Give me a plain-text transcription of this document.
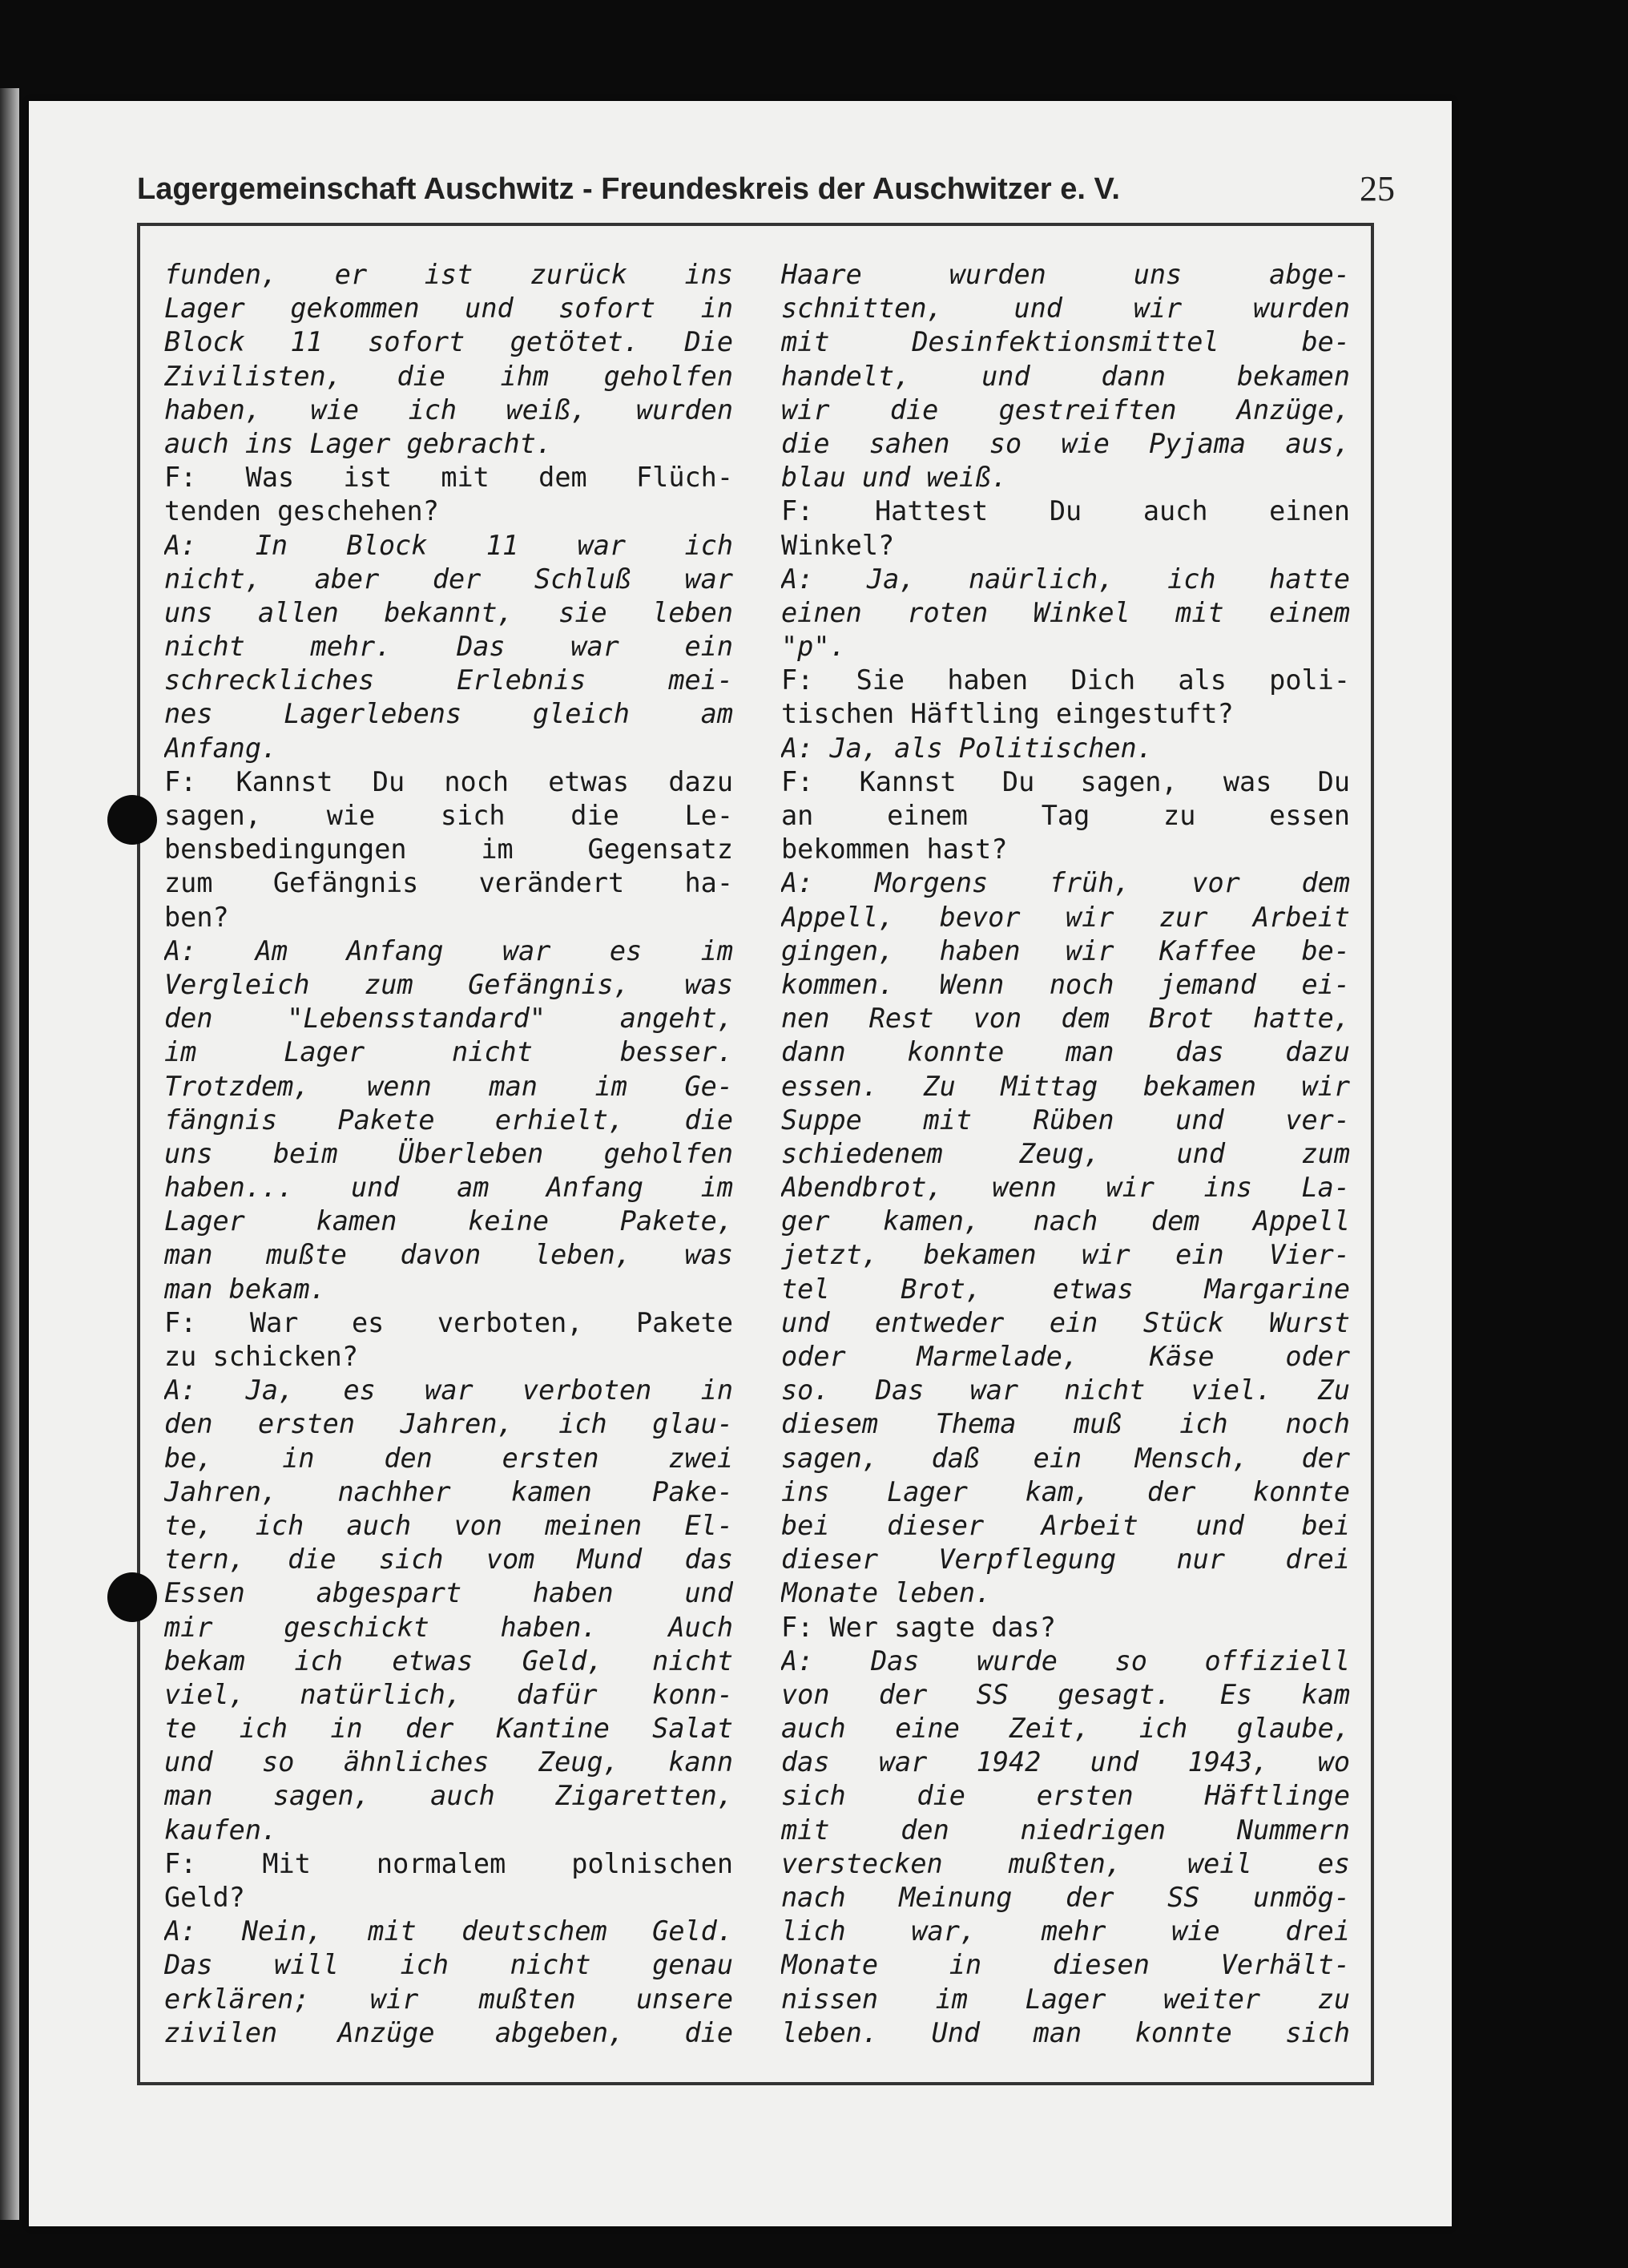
Lagergemeinschaft Auschwitz - Freundeskreis der Auschwitzer e. V.	25
funden, er ist zurück ins
Lager gekommen und sofort in
Block 11 sofort getötet. Die
Zivilisten, die ihm geholfen
haben, wie ich weiß, wurden
auch ins Lager gebracht.
F: Was ist mit dem Flüch-
tenden geschehen?
A: In Block 11 war ich
nicht, aber der Schluß war
uns allen bekannt, sie leben
nicht mehr. Das war ein
schreckliches Erlebnis mei-
nes Lagerlebens gleich am
Anfang.
F: Kannst Du noch etwas dazu
sagen, wie sich die Le-
bensbedingungen im Gegensatz
zum Gefängnis verändert ha-
ben?
A: Am Anfang war es im
Vergleich zum Gefängnis, was
den "Lebensstandard" angeht,
im Lager nicht besser.
Trotzdem, wenn man im Ge-
fängnis Pakete erhielt, die
uns beim Überleben geholfen
haben... und am Anfang im
Lager kamen keine Pakete,
man mußte davon leben, was
man bekam.
F: War es verboten, Pakete
zu schicken?
A: Ja, es war verboten in
den ersten Jahren, ich glau-
be, in den ersten zwei
Jahren, nachher kamen Pake-
te, ich auch von meinen El-
tern, die sich vom Mund das
Essen abgespart haben und
mir geschickt haben. Auch
bekam ich etwas Geld, nicht
viel, natürlich, dafür konn-
te ich in der Kantine Salat
und so ähnliches Zeug, kann
man sagen, auch Zigaretten,
kaufen.
F: Mit normalem polnischen
Geld?
A: Nein, mit deutschem Geld.
Das will ich nicht genau
erklären; wir mußten unsere
zivilen Anzüge abgeben, die
Haare wurden uns abge-
schnitten, und wir wurden
mit Desinfektionsmittel be-
handelt, und dann bekamen
wir die gestreiften Anzüge,
die sahen so wie Pyjama aus,
blau und weiß.
F: Hattest Du auch einen
Winkel?
A: Ja, naürlich, ich hatte
einen roten Winkel mit einem
"p".
F: Sie haben Dich als poli-
tischen Häftling eingestuft?
A: Ja, als Politischen.
F: Kannst Du sagen, was Du
an einem Tag zu essen
bekommen hast?
A: Morgens früh, vor dem
Appell, bevor wir zur Arbeit
gingen, haben wir Kaffee be-
kommen. Wenn noch jemand ei-
nen Rest von dem Brot hatte,
dann konnte man das dazu
essen. Zu Mittag bekamen wir
Suppe mit Rüben und ver-
schiedenem Zeug, und zum
Abendbrot, wenn wir ins La-
ger kamen, nach dem Appell
jetzt, bekamen wir ein Vier-
tel Brot, etwas Margarine
und entweder ein Stück Wurst
oder Marmelade, Käse oder
so. Das war nicht viel. Zu
diesem Thema muß ich noch
sagen, daß ein Mensch, der
ins Lager kam, der konnte
bei dieser Arbeit und bei
dieser Verpflegung nur drei
Monate leben.
F: Wer sagte das?
A: Das wurde so offiziell
von der SS gesagt. Es kam
auch eine Zeit, ich glaube,
das war 1942 und 1943, wo
sich die ersten Häftlinge
mit den niedrigen Nummern
verstecken mußten, weil es
nach Meinung der SS unmög-
lich war, mehr wie drei
Monate in diesen Verhält-
nissen im Lager weiter zu
leben. Und man konnte sich
